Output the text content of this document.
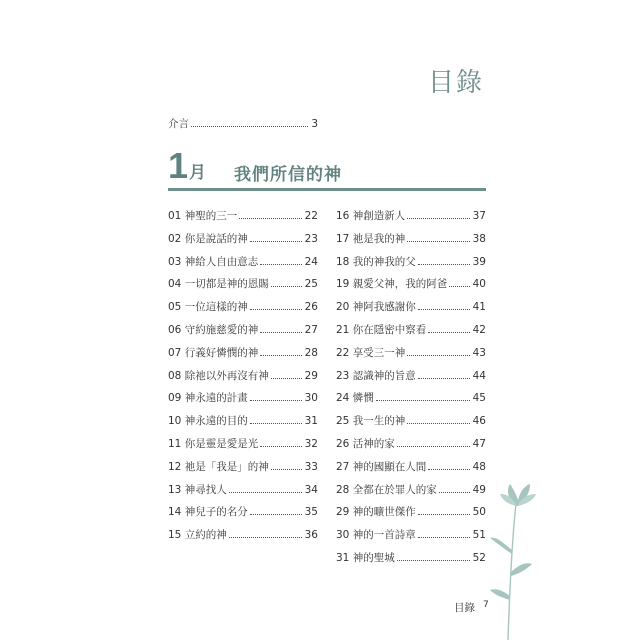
目錄
介言	3
1月 我們所信的神
01 神聖的三一	22
02 你是說話的神	23
03 神給人自由意志	24
04 一切都是神的恩賜	25
05 一位這樣的神	26
06 守約施慈愛的神	27
07 行義好憐憫的神	28
08 除祂以外再沒有神	29
09 神永遠的計畫	30
10 神永遠的目的	31
11 你是靈是愛是光	32
12 祂是「我是」的神	33
13 神尋找人	34
14 神兒子的名分	35
15 立約的神	36
16 神創造新人	37
17 祂是我的神	38
18 我的神我的父	39
19 親愛父神，我的阿爸 40
20 神阿我感謝你	41
21 你在隱密中察看	42
22 享受三一神	43
23 認識神的旨意	44
24 憐憫	45
25 我一生的神	46
26 活神的家	47
27 神的國顯在人間	48
28 全都在於罪人的家	49
29 神的曠世傑作	50
30 神的一首詩章	51
31 神的聖城	52
目錄 7
